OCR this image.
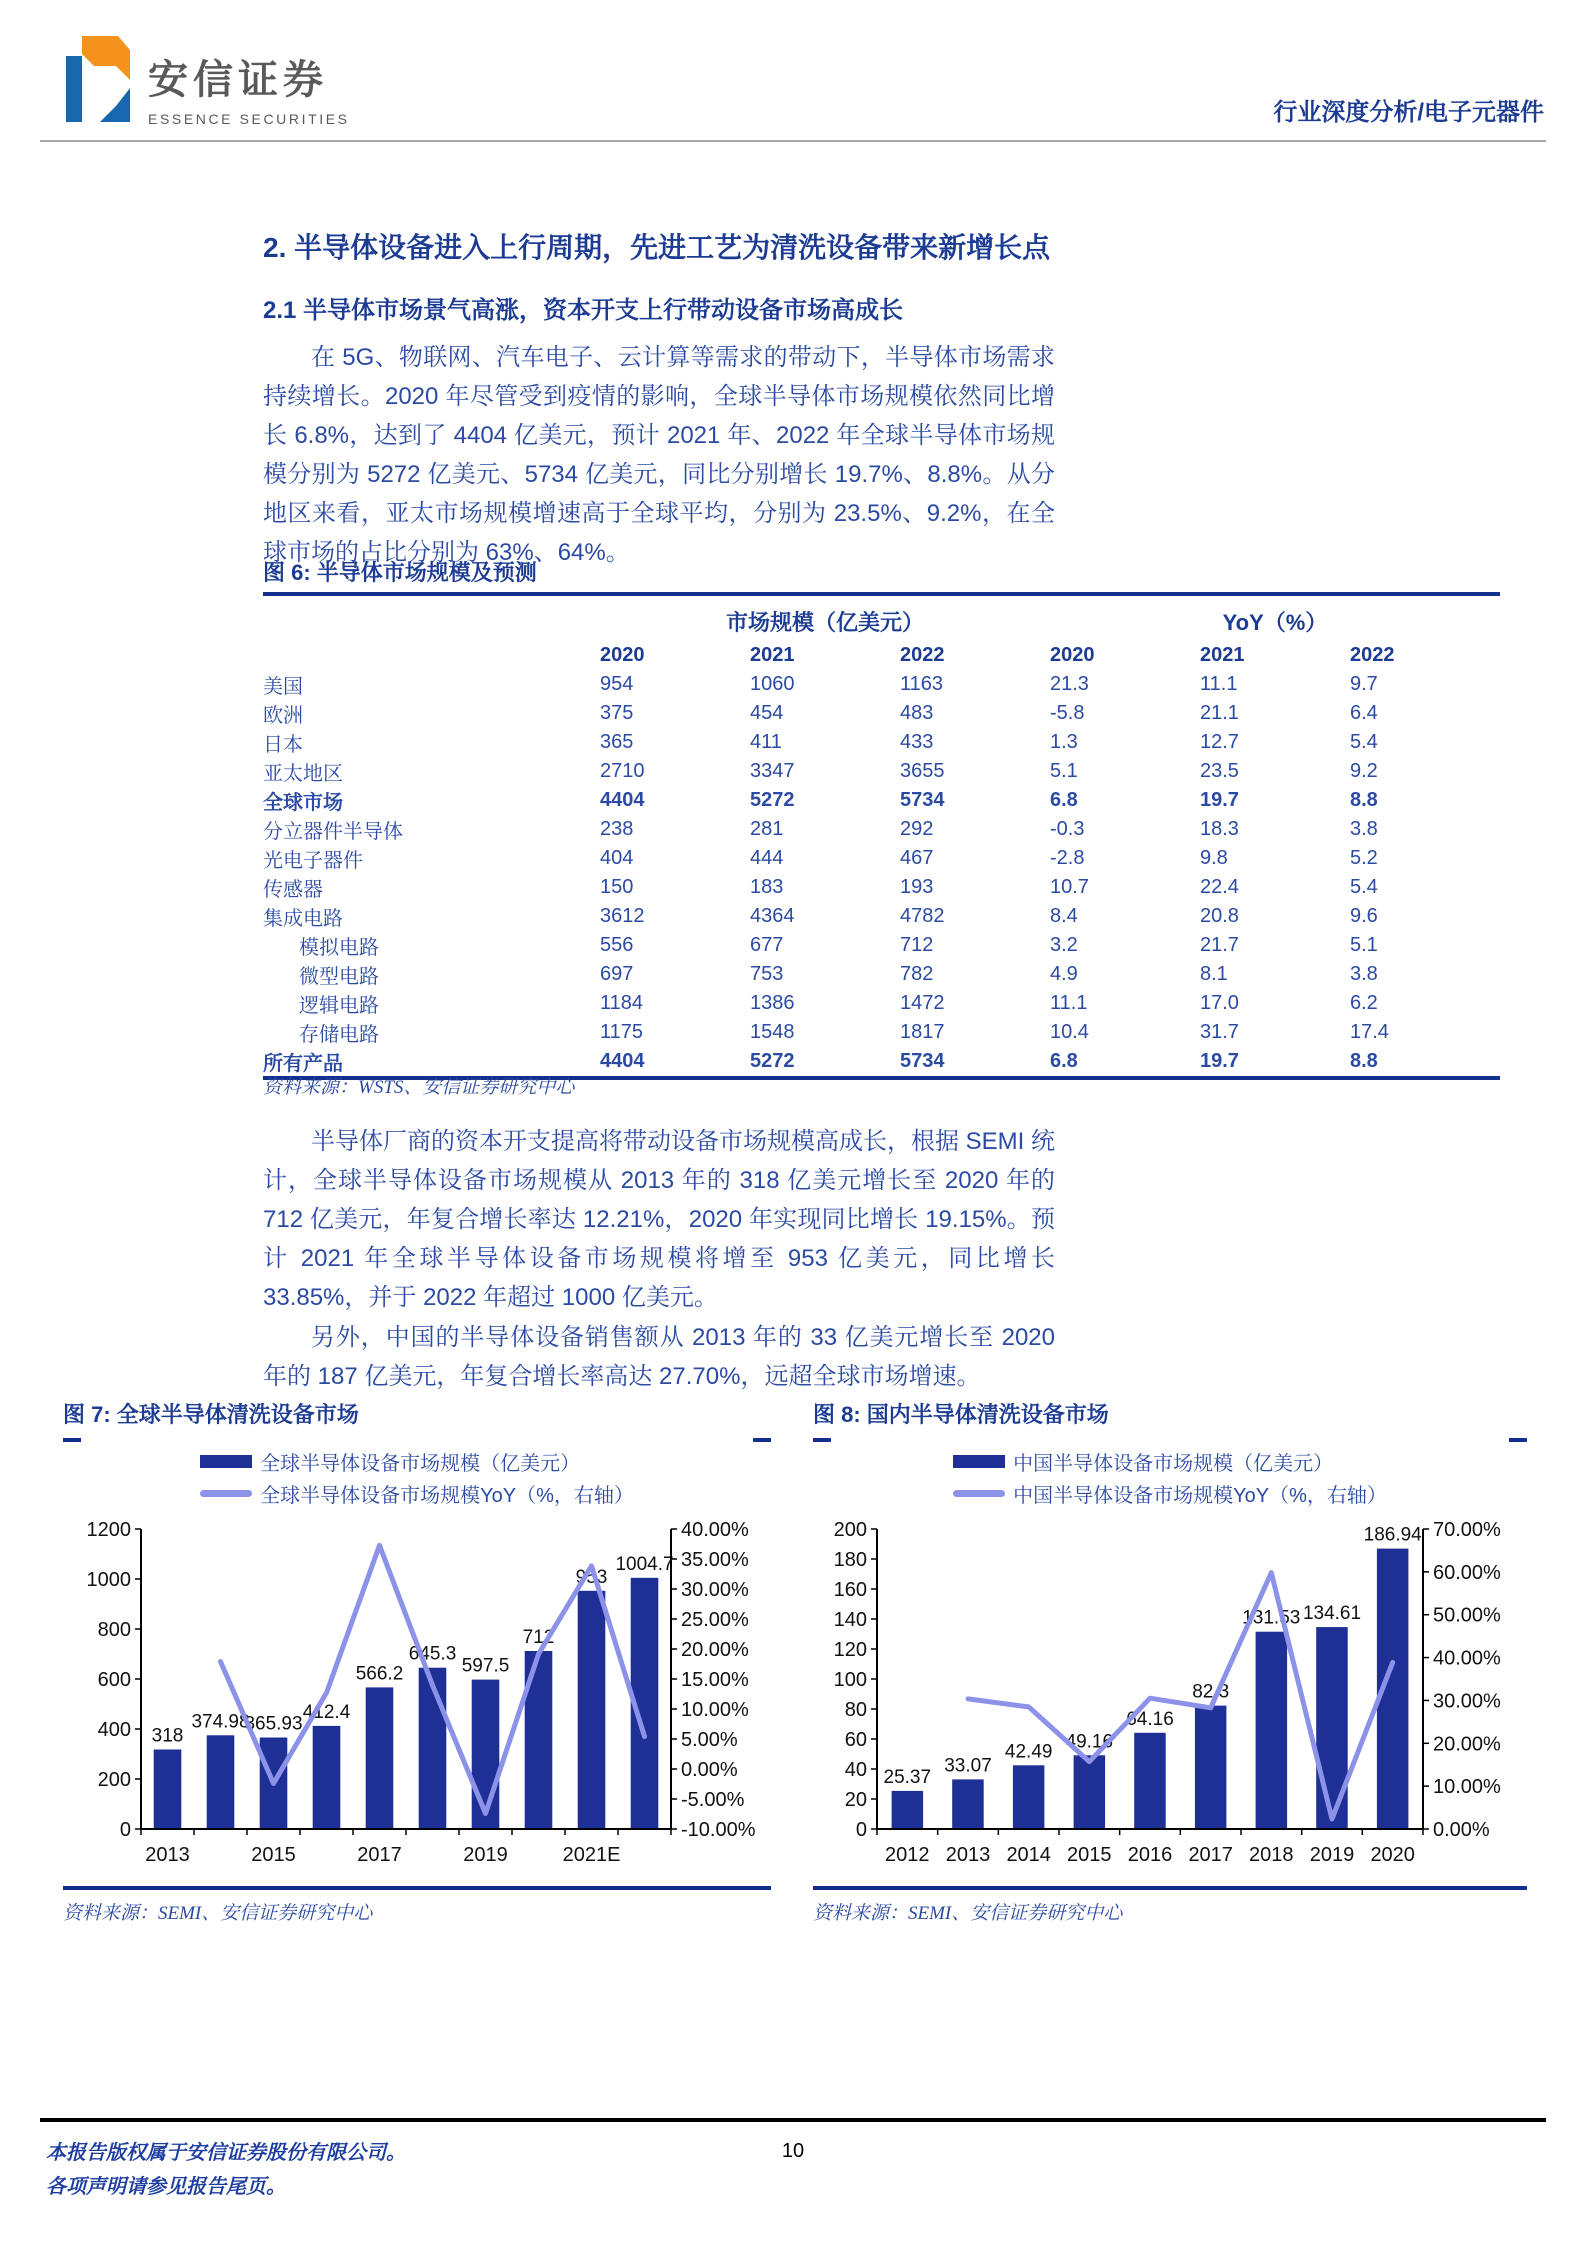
安信证券
ESSENCE SECURITIES	行业深度分析/电子元器件
2. 半导体设备进入上行周期，先进工艺为清洗设备带来新增长点
2.1 半导体市场景气高涨，资本开支上行带动设备市场高成长

在 5G、物联网、汽车电子、云计算等需求的带动下，半导体市场需求持续增长。2020 年尽管受到疫情的影响，全球半导体市场规模依然同比增长 6.8%，达到了 4404 亿美元，预计 2021 年、2022 年全球半导体市场规模分别为 5272 亿美元、5734 亿美元，同比分别增长 19.7%、8.8%。从分地区来看，亚太市场规模增速高于全球平均，分别为 23.5%、9.2%，在全球市场的占比分别为 63%、64%。

图 6: 半导体市场规模及预测
	市场规模（亿美元）			YoY（%）		
	2020	2021	2022	2020	2021	2022
美国	954	1060	1163	21.3	11.1	9.7
欧洲	375	454	483	-5.8	21.1	6.4
日本	365	411	433	1.3	12.7	5.4
亚太地区	2710	3347	3655	5.1	23.5	9.2
全球市场	4404	5272	5734	6.8	19.7	8.8
分立器件半导体	238	281	292	-0.3	18.3	3.8
光电子器件	404	444	467	-2.8	9.8	5.2
传感器	150	183	193	10.7	22.4	5.4
集成电路	3612	4364	4782	8.4	20.8	9.6
模拟电路	556	677	712	3.2	21.7	5.1
微型电路	697	753	782	4.9	8.1	3.8
逻辑电路	1184	1386	1472	11.1	17.0	6.2
存储电路	1175	1548	1817	10.4	31.7	17.4
所有产品	4404	5272	5734	6.8	19.7	8.8
资料来源：WSTS、安信证券研究中心

半导体厂商的资本开支提高将带动设备市场规模高成长，根据 SEMI 统计，全球半导体设备市场规模从 2013 年的 318 亿美元增长至 2020 年的 712 亿美元，年复合增长率达 12.21%，2020 年实现同比增长 19.15%。预计 2021 年全球半导体设备市场规模将增至 953 亿美元，同比增长 33.85%，并于 2022 年超过 1000 亿美元。

另外，中国的半导体设备销售额从 2013 年的 33 亿美元增长至 2020 年的 187 亿美元，年复合增长率高达 27.70%，远超全球市场增速。

图 7: 全球半导体清洗设备市场
全球半导体设备市场规模（亿美元）
全球半导体设备市场规模YoY（%，右轴）
0
200
400
600
800
1000
1200
-10.00%
-5.00%
0.00%
5.00%
10.00%
15.00%
20.00%
25.00%
30.00%
35.00%
40.00%
318
374.98
365.93
412.4
566.2
645.3
597.5
712
953
1004.7
2013	2015	2017	2019	2021E
资料来源：SEMI、安信证券研究中心
图 8: 国内半导体清洗设备市场
中国半导体设备市场规模（亿美元）
中国半导体设备市场规模YoY（%，右轴）
0
20
40
60
80
100
120
140
160
180
200
0.00%
10.00%
20.00%
30.00%
40.00%
50.00%
60.00%
70.00%
25.37
33.07
42.49 49.16
64.16
82.3
131.53 134.61
186.94
2012 2013 2014 2015 2016 2017 2018 2019 2020
资料来源：SEMI、安信证券研究中心
本报告版权属于安信证券股份有限公司。
各项声明请参见报告尾页。
10
